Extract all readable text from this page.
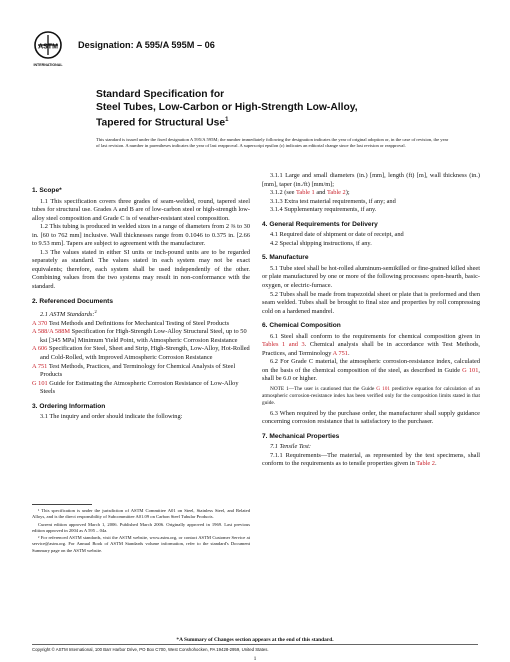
ASTM
INTERNATIONAL
Designation: A 595/A 595M – 06
Standard Specification for
Steel Tubes, Low-Carbon or High-Strength Low-Alloy,
Tapered for Structural Use$^1$
This standard is issued under the fixed designation A 595/A 595M; the number immediately following the designation indicates the year of original adoption or, in the case of revision, the year of last revision. A number in parentheses indicates the year of last reapproval. A superscript epsilon (ε) indicates an editorial change since the last revision or reapproval.

1. Scope*

1.1 This specification covers three grades of seam-welded, round, tapered steel tubes for structural use. Grades A and B are of low-carbon steel or high-strength low-alloy steel composition and Grade C is of weather-resistant steel composition.

1.2 This tubing is produced in welded sizes in a range of diameters from 2 ⅜ to 30 in. [60 to 762 mm] inclusive. Wall thicknesses range from 0.1046 to 0.375 in. [2.66 to 9.53 mm]. Tapers are subject to agreement with the manufacturer.

1.3 The values stated in either SI units or inch-pound units are to be regarded separately as standard. The values stated in each system may not be exact equivalents; therefore, each system shall be used independently of the other. Combining values from the two systems may result in non-conformance with the standard.

2. Referenced Documents

2.1 ASTM Standards:$^2$

A 370 Test Methods and Definitions for Mechanical Testing of Steel Products

A 588/A 588M Specification for High-Strength Low-Alloy Structural Steel, up to 50 ksi [345 MPa] Minimum Yield Point, with Atmospheric Corrosion Resistance

A 606 Specification for Steel, Sheet and Strip, High-Strength, Low-Alloy, Hot-Rolled and Cold-Rolled, with Improved Atmospheric Corrosion Resistance

A 751 Test Methods, Practices, and Terminology for Chemical Analysis of Steel Products

G 101 Guide for Estimating the Atmospheric Corrosion Resistance of Low-Alloy Steels

3. Ordering Information

3.1 The inquiry and order should indicate the following:

¹ This specification is under the jurisdiction of ASTM Committee A01 on Steel, Stainless Steel, and Related Alloys, and is the direct responsibility of Subcommittee A01.09 on Carbon Steel Tubular Products.

Current edition approved March 1, 2006. Published March 2006. Originally approved in 1969. Last previous edition approved in 2004 as A 595 – 04a.

² For referenced ASTM standards, visit the ASTM website, www.astm.org, or contact ASTM Customer Service at service@astm.org. For Annual Book of ASTM Standards volume information, refer to the standard's Document Summary page on the ASTM website.

3.1.1 Large and small diameters (in.) [mm], length (ft) [m], wall thickness (in.) [mm], taper (in./ft) [mm/m];

3.1.2 (see Table 1 and Table 2);

3.1.3 Extra test material requirements, if any; and

3.1.4 Supplementary requirements, if any.

4. General Requirements for Delivery

4.1 Required date of shipment or date of receipt, and

4.2 Special shipping instructions, if any.

5. Manufacture

5.1 Tube steel shall be hot-rolled aluminum-semikilled or fine-grained killed sheet or plate manufactured by one or more of the following processes: open-hearth, basic-oxygen, or electric-furnace.

5.2 Tubes shall be made from trapezoidal sheet or plate that is preformed and then seam welded. Tubes shall be brought to final size and properties by roll compressing cold on a hardened mandrel.

6. Chemical Composition

6.1 Steel shall conform to the requirements for chemical composition given in Tables 1 and 3. Chemical analysis shall be in accordance with Test Methods, Practices, and Terminology A 751.

6.2 For Grade C material, the atmospheric corrosion-resistance index, calculated on the basis of the chemical composition of the steel, as described in Guide G 101, shall be 6.0 or higher.

NOTE 1—The user is cautioned that the Guide G 101 predictive equation for calculation of an atmospheric corrosion-resistance index has been verified only for the composition limits stated in that guide.

6.3 When required by the purchase order, the manufacturer shall supply guidance concerning corrosion resistance that is satisfactory to the purchaser.

7. Mechanical Properties

7.1 Tensile Test:

7.1.1 Requirements—The material, as represented by the test specimens, shall conform to the requirements as to tensile properties given in Table 2.

*A Summary of Changes section appears at the end of this standard.
Copyright © ASTM International, 100 Barr Harbor Drive, PO Box C700, West Conshohocken, PA 19428-2959, United States.
1
